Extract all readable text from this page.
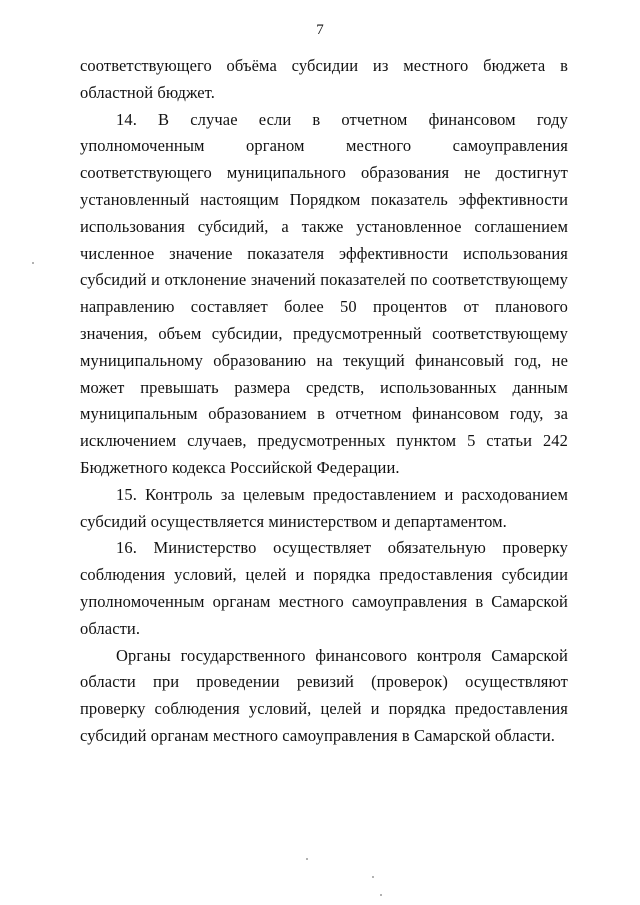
7

соответствующего объёма субсидии из местного бюджета в областной бюджет.

14. В случае если в отчетном финансовом году уполномоченным органом местного самоуправления соответствующего муниципального образования не достигнут установленный настоящим Порядком показатель эффективности использования субсидий, а также установленное соглашением численное значение показателя эффективности использования субсидий и отклонение значений показателей по соответствующему направлению составляет более 50 процентов от планового значения, объем субсидии, предусмотренный соответствующему муниципальному образованию на текущий финансовый год, не может превышать размера средств, использованных данным муниципальным образованием в отчетном финансовом году, за исключением случаев, предусмотренных пунктом 5 статьи 242 Бюджетного кодекса Российской Федерации.

15. Контроль за целевым предоставлением и расходованием субсидий осуществляется министерством и департаментом.

16. Министерство осуществляет обязательную проверку соблюдения условий, целей и порядка предоставления субсидии уполномоченным органам местного самоуправления в Самарской области.

Органы государственного финансового контроля Самарской области при проведении ревизий (проверок) осуществляют проверку соблюдения условий, целей и порядка предоставления субсидий органам местного самоуправления в Самарской области.
